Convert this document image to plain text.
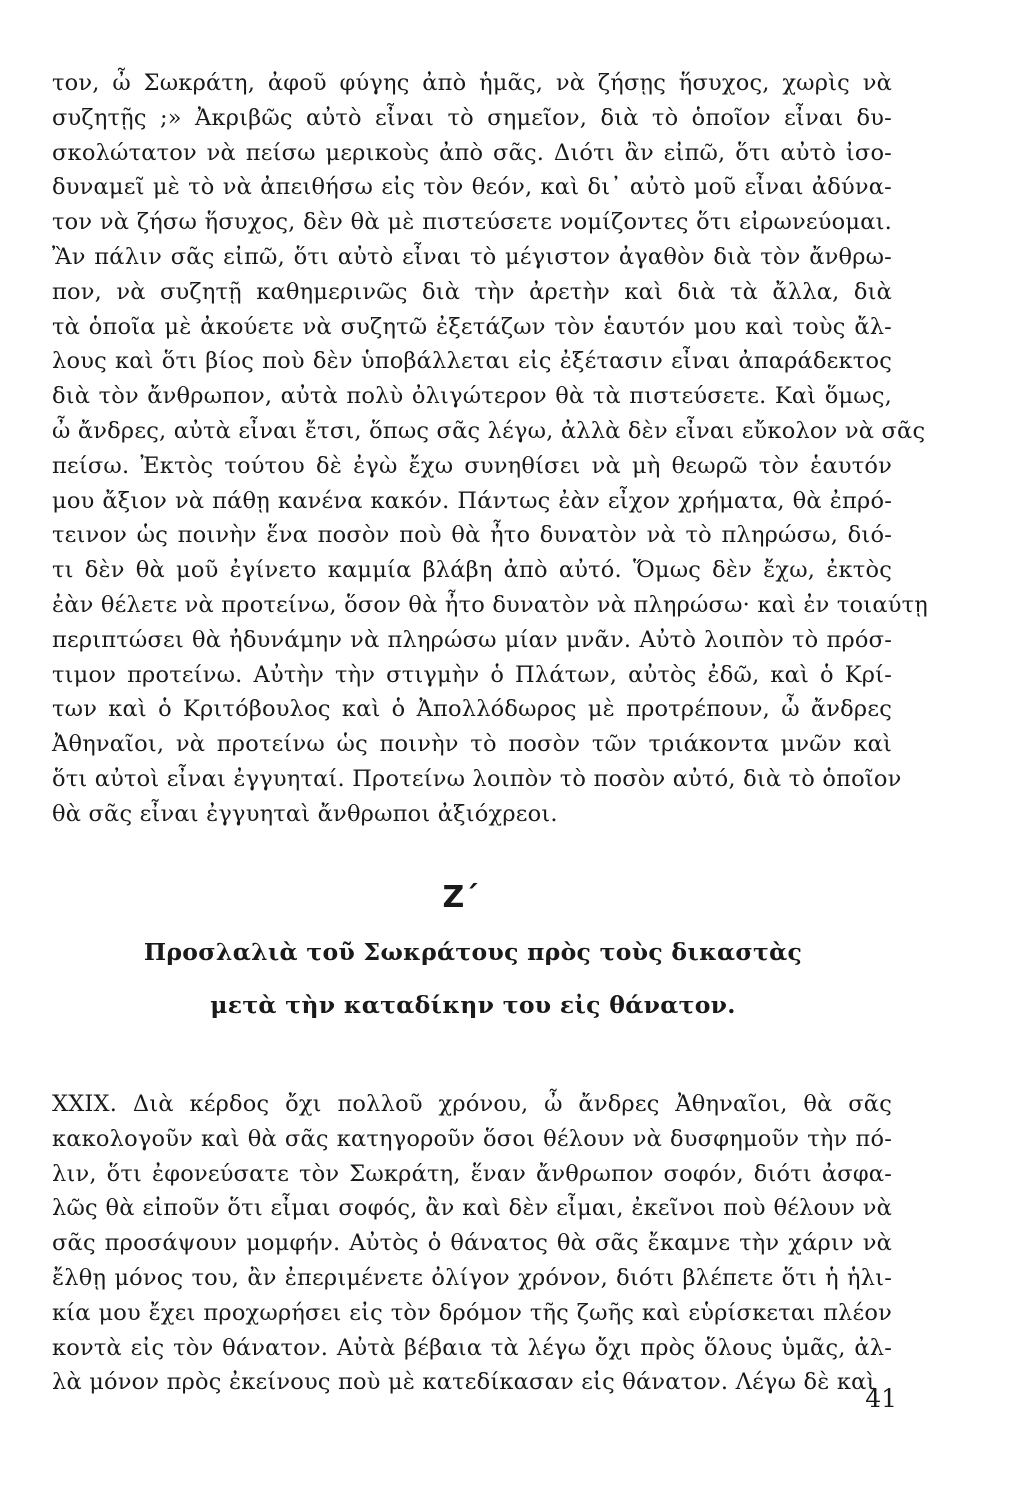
τον, ὦ Σωκράτη, ἀφοῦ φύγης ἀπὸ ἡμᾶς, νὰ ζήσῃς ἥσυχος, χωρὶς νὰ
συζητῇς ;» Ἀκριβῶς αὐτὸ εἶναι τὸ σημεῖον, διὰ τὸ ὁποῖον εἶναι δυ-
σκολώτατον νὰ πείσω μερικοὺς ἀπὸ σᾶς. Διότι ἂν εἰπῶ, ὅτι αὐτὸ ἰσο-
δυναμεῖ μὲ τὸ νὰ ἀπειθήσω εἰς τὸν θεόν, καὶ δι᾽ αὐτὸ μοῦ εἶναι ἀδύνα-
τον νὰ ζήσω ἥσυχος, δὲν θὰ μὲ πιστεύσετε νομίζοντες ὅτι εἰρωνεύομαι.
Ἂν πάλιν σᾶς εἰπῶ, ὅτι αὐτὸ εἶναι τὸ μέγιστον ἀγαθὸν διὰ τὸν ἄνθρω-
πον, νὰ συζητῇ καθημερινῶς διὰ τὴν ἀρετὴν καὶ διὰ τὰ ἄλλα, διὰ
τὰ ὁποῖα μὲ ἀκούετε νὰ συζητῶ ἐξετάζων τὸν ἑαυτόν μου καὶ τοὺς ἄλ-
λους καὶ ὅτι βίος ποὺ δὲν ὑποβάλλεται εἰς ἐξέτασιν εἶναι ἀπαράδεκτος
διὰ τὸν ἄνθρωπον, αὐτὰ πολὺ ὀλιγώτερον θὰ τὰ πιστεύσετε. Καὶ ὅμως,
ὦ ἄνδρες, αὐτὰ εἶναι ἔτσι, ὅπως σᾶς λέγω, ἀλλὰ δὲν εἶναι εὔκολον νὰ σᾶς
πείσω. Ἐκτὸς τούτου δὲ ἐγὼ ἔχω συνηθίσει νὰ μὴ θεωρῶ τὸν ἑαυτόν
μου ἄξιον νὰ πάθῃ κανένα κακόν. Πάντως ἐὰν εἶχον χρήματα, θὰ ἐπρό-
τεινον ὡς ποινὴν ἕνα ποσὸν ποὺ θὰ ἦτο δυνατὸν νὰ τὸ πληρώσω, διό-
τι δὲν θὰ μοῦ ἐγίνετο καμμία βλάβη ἀπὸ αὐτό. Ὅμως δὲν ἔχω, ἐκτὸς
ἐὰν θέλετε νὰ προτείνω, ὅσον θὰ ἦτο δυνατὸν νὰ πληρώσω· καὶ ἐν τοιαύτῃ
περιπτώσει θὰ ἠδυνάμην νὰ πληρώσω μίαν μνᾶν. Αὐτὸ λοιπὸν τὸ πρόσ-
τιμον προτείνω. Αὐτὴν τὴν στιγμὴν ὁ Πλάτων, αὐτὸς ἐδῶ, καὶ ὁ Κρί-
των καὶ ὁ Κριτόβουλος καὶ ὁ Ἀπολλόδωρος μὲ προτρέπουν, ὦ ἄνδρες
Ἀθηναῖοι, νὰ προτείνω ὡς ποινὴν τὸ ποσὸν τῶν τριάκοντα μνῶν καὶ
ὅτι αὐτοὶ εἶναι ἐγγυηταί. Προτείνω λοιπὸν τὸ ποσὸν αὐτό, διὰ τὸ ὁποῖον
θὰ σᾶς εἶναι ἐγγυηταὶ ἄνθρωποι ἀξιόχρεοι.
Ζ΄
Προσλαλιὰ τοῦ Σωκράτους πρὸς τοὺς δικαστὰς
μετὰ τὴν καταδίκην του εἰς θάνατον.
XXIX. Διὰ κέρδος ὄχι πολλοῦ χρόνου, ὦ ἄνδρες Ἀθηναῖοι, θὰ σᾶς
κακολογοῦν καὶ θὰ σᾶς κατηγοροῦν ὅσοι θέλουν νὰ δυσφημοῦν τὴν πό-
λιν, ὅτι ἐφονεύσατε τὸν Σωκράτη, ἕναν ἄνθρωπον σοφόν, διότι ἀσφα-
λῶς θὰ εἰποῦν ὅτι εἶμαι σοφός, ἂν καὶ δὲν εἶμαι, ἐκεῖνοι ποὺ θέλουν νὰ
σᾶς προσάψουν μομφήν. Αὐτὸς ὁ θάνατος θὰ σᾶς ἔκαμνε τὴν χάριν νὰ
ἔλθῃ μόνος του, ἂν ἐπεριμένετε ὀλίγον χρόνον, διότι βλέπετε ὅτι ἡ ἡλι-
κία μου ἔχει προχωρήσει εἰς τὸν δρόμον τῆς ζωῆς καὶ εὑρίσκεται πλέον
κοντὰ εἰς τὸν θάνατον. Αὐτὰ βέβαια τὰ λέγω ὄχι πρὸς ὅλους ὑμᾶς, ἀλ-
λὰ μόνον πρὸς ἐκείνους ποὺ μὲ κατεδίκασαν εἰς θάνατον. Λέγω δὲ καὶ
41
